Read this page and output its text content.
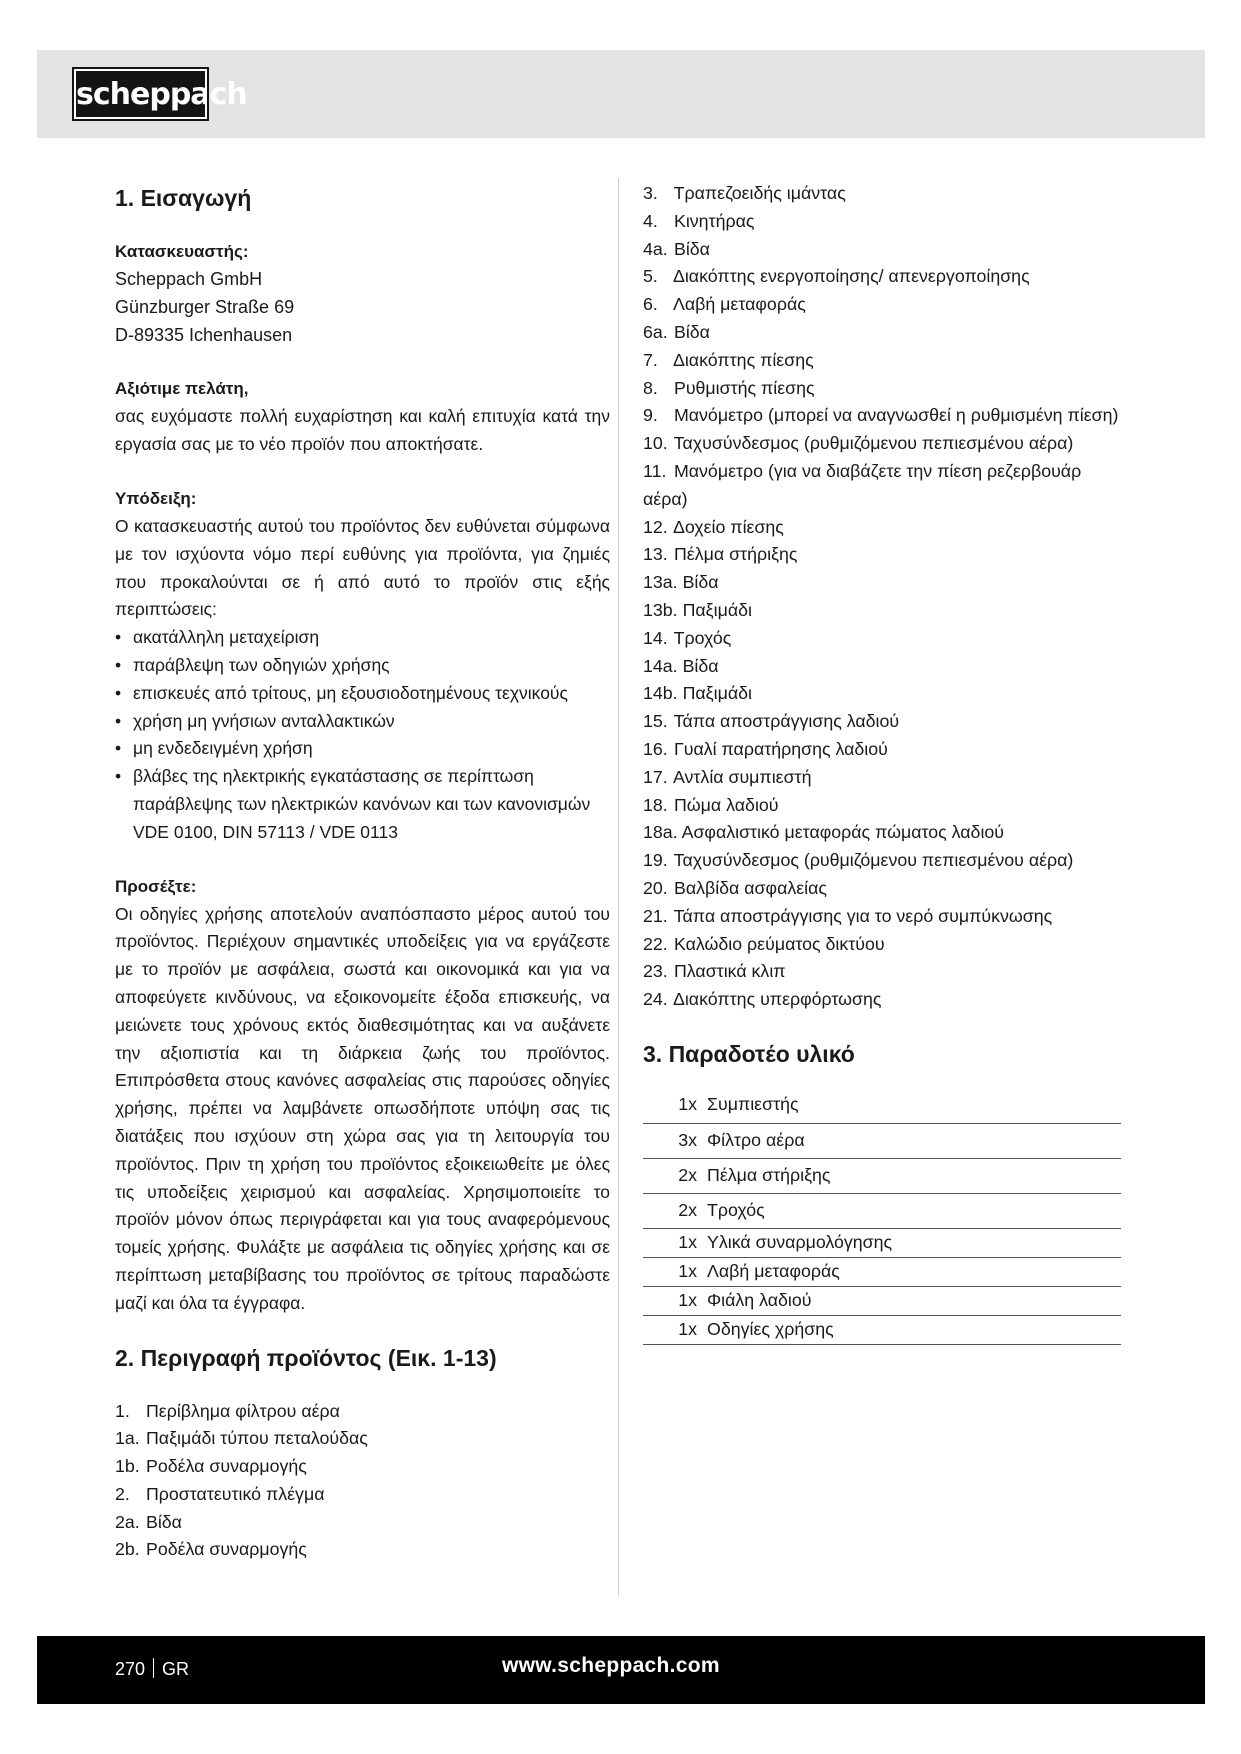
scheppach
1. Εισαγωγή
Κατασκευαστής:
Scheppach GmbH
Günzburger Straße 69
D-89335 Ichenhausen
Αξιότιμε πελάτη,
σας ευχόμαστε πολλή ευχαρίστηση και καλή επιτυχία κατά την εργασία σας με το νέο προϊόν που αποκτήσατε.
Υπόδειξη:
Ο κατασκευαστής αυτού του προϊόντος δεν ευθύνεται σύμφωνα με τον ισχύοντα νόμο περί ευθύνης για προϊόντα, για ζημιές που προκαλούνται σε ή από αυτό το προϊόν στις εξής περιπτώσεις:
• ακατάλληλη μεταχείριση
• παράβλεψη των οδηγιών χρήσης
• επισκευές από τρίτους, μη εξουσιοδοτημένους τεχνικούς
• χρήση μη γνήσιων ανταλλακτικών
• μη ενδεδειγμένη χρήση
• βλάβες της ηλεκτρικής εγκατάστασης σε περίπτωση παράβλεψης των ηλεκτρικών κανόνων και των κανονισμών VDE 0100, DIN 57113 / VDE 0113
Προσέξτε:
Οι οδηγίες χρήσης αποτελούν αναπόσπαστο μέρος αυτού του προϊόντος. Περιέχουν σημαντικές υποδείξεις για να εργάζεστε με το προϊόν με ασφάλεια, σωστά και οικονομικά και για να αποφεύγετε κινδύνους, να εξοικονομείτε έξοδα επισκευής, να μειώνετε τους χρόνους εκτός διαθεσιμότητας και να αυξάνετε την αξιοπιστία και τη διάρκεια ζωής του προϊόντος. Επιπρόσθετα στους κανόνες ασφαλείας στις παρούσες οδηγίες χρήσης, πρέπει να λαμβάνετε οπωσδήποτε υπόψη σας τις διατάξεις που ισχύουν στη χώρα σας για τη λειτουργία του προϊόντος. Πριν τη χρήση του προϊόντος εξοικειωθείτε με όλες τις υποδείξεις χειρισμού και ασφαλείας. Χρησιμοποιείτε το προϊόν μόνον όπως περιγράφεται και για τους αναφερόμενους τομείς χρήσης. Φυλάξτε με ασφάλεια τις οδηγίες χρήσης και σε περίπτωση μεταβίβασης του προϊόντος σε τρίτους παραδώστε μαζί και όλα τα έγγραφα.
2. Περιγραφή προϊόντος (Εικ. 1-13)
1. Περίβλημα φίλτρου αέρα
1a. Παξιμάδι τύπου πεταλούδας
1b. Ροδέλα συναρμογής
2. Προστατευτικό πλέγμα
2a. Βίδα
2b. Ροδέλα συναρμογής
3. Τραπεζοειδής ιμάντας
4. Κινητήρας
4a. Βίδα
5. Διακόπτης ενεργοποίησης/ απενεργοποίησης
6. Λαβή μεταφοράς
6a. Βίδα
7. Διακόπτης πίεσης
8. Ρυθμιστής πίεσης
9. Μανόμετρο (μπορεί να αναγνωσθεί η ρυθμισμένη πίεση)
10. Ταχυσύνδεσμος (ρυθμιζόμενου πεπιεσμένου αέρα)
11. Μανόμετρο (για να διαβάζετε την πίεση ρεζερβουάρ αέρα)
12. Δοχείο πίεσης
13. Πέλμα στήριξης
13a. Βίδα
13b. Παξιμάδι
14. Τροχός
14a. Βίδα
14b. Παξιμάδι
15. Τάπα αποστράγγισης λαδιού
16. Γυαλί παρατήρησης λαδιού
17. Αντλία συμπιεστή
18. Πώμα λαδιού
18a. Ασφαλιστικό μεταφοράς πώματος λαδιού
19. Ταχυσύνδεσμος (ρυθμιζόμενου πεπιεσμένου αέρα)
20. Βαλβίδα ασφαλείας
21. Τάπα αποστράγγισης για το νερό συμπύκνωσης
22. Καλώδιο ρεύματος δικτύου
23. Πλαστικά κλιπ
24. Διακόπτης υπερφόρτωσης
3. Παραδοτέο υλικό
1x Συμπιεστής
3x Φίλτρο αέρα
2x Πέλμα στήριξης
2x Τροχός
1x Υλικά συναρμολόγησης
1x Λαβή μεταφοράς
1x Φιάλη λαδιού
1x Οδηγίες χρήσης
270 GR	www.scheppach.com
